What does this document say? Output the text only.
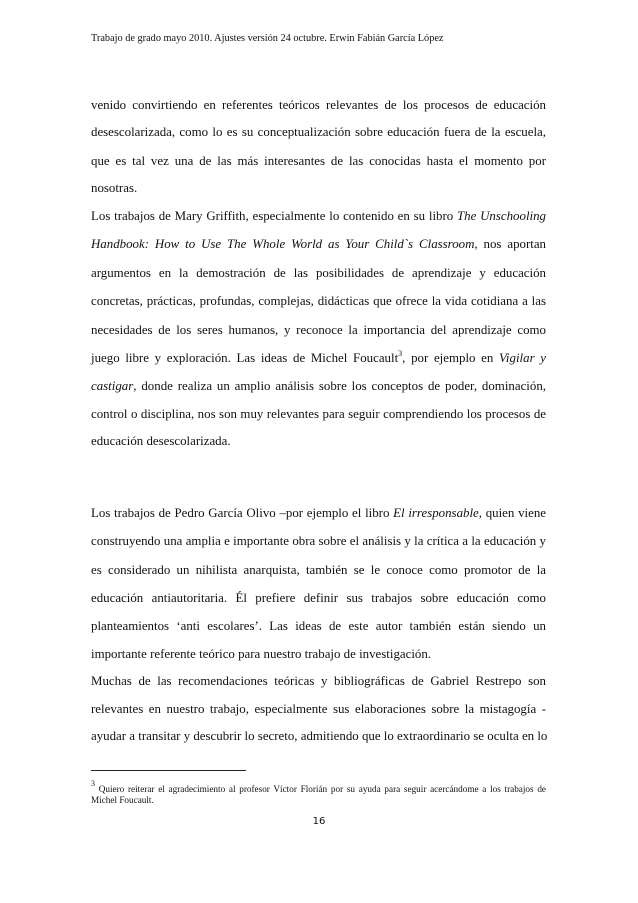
Trabajo de grado mayo 2010. Ajustes versión 24 octubre. Erwin Fabián García López
venido convirtiendo en referentes teóricos relevantes de los procesos de educación
desescolarizada, como lo es su conceptualización sobre educación fuera de la escuela,
que es tal vez una de las más interesantes de las conocidas hasta el momento por
nosotras.
Los trabajos de Mary Griffith, especialmente lo contenido en su libro The Unschooling
Handbook: How to Use The Whole World as Your Child`s Classroom, nos aportan
argumentos en la demostración de las posibilidades de aprendizaje y educación
concretas, prácticas, profundas, complejas, didácticas que ofrece la vida cotidiana a las
necesidades de los seres humanos, y reconoce la importancia del aprendizaje como
juego libre y exploración. Las ideas de Michel Foucault$^3$, por ejemplo en Vigilar y
castigar, donde realiza un amplio análisis sobre los conceptos de poder, dominación,
control o disciplina, nos son muy relevantes para seguir comprendiendo los procesos de
educación desescolarizada.
Los trabajos de Pedro García Olivo –por ejemplo el libro El irresponsable, quien viene
construyendo una amplia e importante obra sobre el análisis y la crítica a la educación y
es considerado un nihilista anarquista, también se le conoce como promotor de la
educación antiautoritaria. Él prefiere definir sus trabajos sobre educación como
planteamientos ‘anti escolares’. Las ideas de este autor también están siendo un
importante referente teórico para nuestro trabajo de investigación.
Muchas de las recomendaciones teóricas y bibliográficas de Gabriel Restrepo son
relevantes en nuestro trabajo, especialmente sus elaboraciones sobre la mistagogía -
ayudar a transitar y descubrir lo secreto, admitiendo que lo extraordinario se oculta en lo
$^3$ Quiero reiterar el agradecimiento al profesor Víctor Florián por su ayuda para seguir acercándome a los trabajos de
Michel Foucault.
16
